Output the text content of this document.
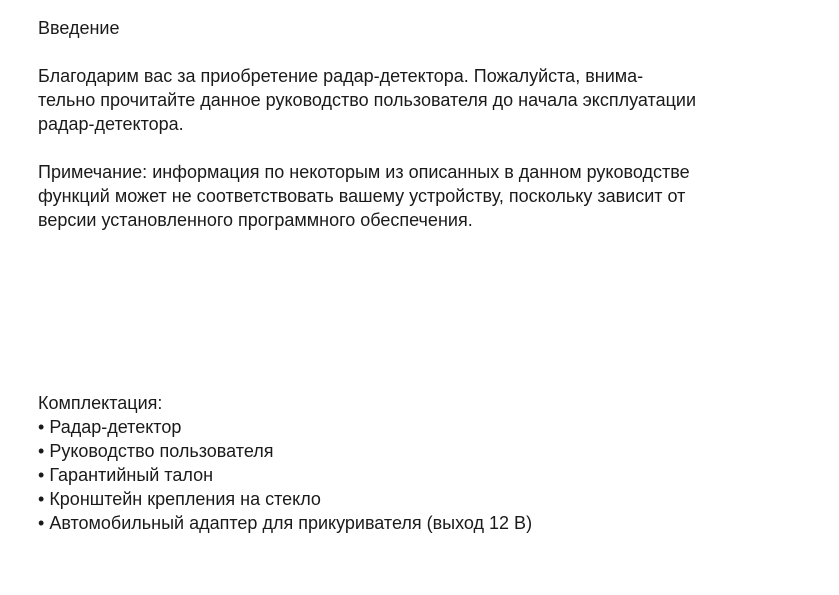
Введение

Благодарим вас за приобретение радар-детектора. Пожалуйста, внима-
тельно прочитайте данное руководство пользователя до начала эксплуатации
радар-детектора.

Примечание: информация по некоторым из описанных в данном руководстве
функций может не соответствовать вашему устройству, поскольку зависит от
версии установленного программного обеспечения.

Комплектация:
• Радар-детектор
• Руководство пользователя
• Гарантийный талон
• Кронштейн крепления на стекло
• Автомобильный адаптер для прикуривателя (выход 12 В)
